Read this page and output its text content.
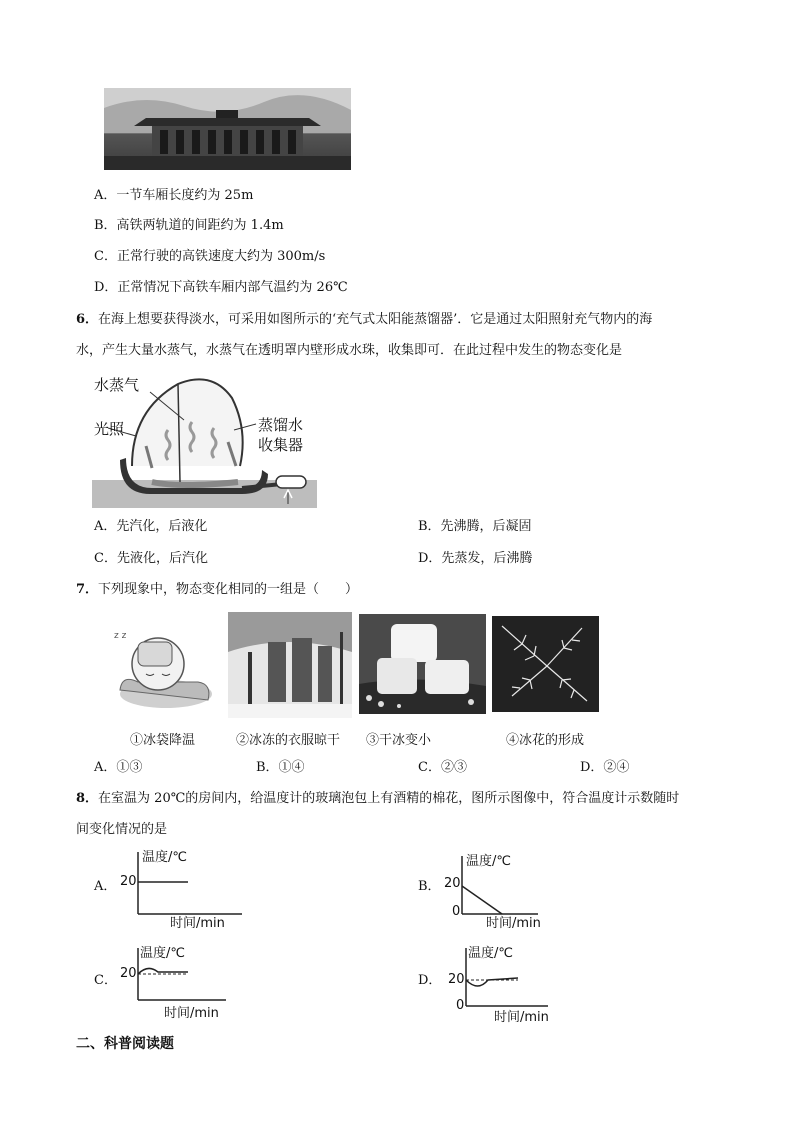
A．一节车厢长度约为 25m
B．高铁两轨道的间距约为 1.4m
C．正常行驶的高铁速度大约为 300m/s
D．正常情况下高铁车厢内部气温约为 26℃
6．在海上想要获得淡水，可采用如图所示的‘充气式太阳能蒸馏器’．它是通过太阳照射充气物内的海
水，产生大量水蒸气，水蒸气在透明罩内壁形成水珠，收集即可．在此过程中发生的物态变化是
水蒸气
光照	蒸馏水
收集器
A．先汽化，后液化	B．先沸腾，后凝固
C．先液化，后汽化	D．先蒸发，后沸腾
7．下列现象中，物态变化相同的一组是（　　）
z z
①冰袋降温	②冰冻的衣服晾干 ③干冰变小	④冰花的形成
A．①③	B．①④	C．②③	D．②④
8．在室温为 20℃的房间内，给温度计的玻璃泡包上有酒精的棉花，图所示图像中，符合温度计示数随时
间变化情况的是
A．	B．
C．	D．
温度/℃
20
时间/min
温度/℃
20
0
时间/min
温度/℃
20
时间/min
温度/℃
20
0
时间/min
二、科普阅读题
